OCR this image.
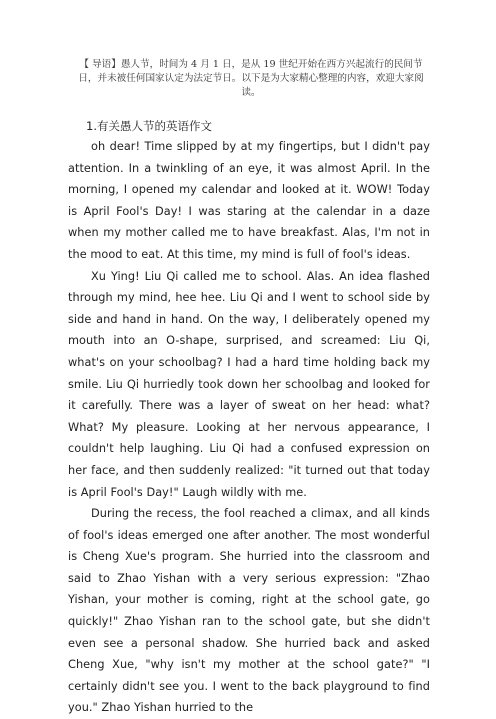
【 导语】愚人节，时间为 4 月 1 日，是从 19 世纪开始在西方兴起流行的民间节日，并未被任何国家认定为法定节日。以下是为大家精心整理的内容，欢迎大家阅读。
1.有关愚人节的英语作文

oh dear! Time slipped by at my fingertips, but I didn't pay attention. In a twinkling of an eye, it was almost April. In the morning, I opened my calendar and looked at it. WOW! Today is April Fool's Day! I was staring at the calendar in a daze when my mother called me to have breakfast. Alas, I'm not in the mood to eat. At this time, my mind is full of fool's ideas.

Xu Ying! Liu Qi called me to school. Alas. An idea flashed through my mind, hee hee. Liu Qi and I went to school side by side and hand in hand. On the way, I deliberately opened my mouth into an O-shape, surprised, and screamed: Liu Qi, what's on your schoolbag? I had a hard time holding back my smile. Liu Qi hurriedly took down her schoolbag and looked for it carefully. There was a layer of sweat on her head: what? What? My pleasure. Looking at her nervous appearance, I couldn't help laughing. Liu Qi had a confused expression on her face, and then suddenly realized: "it turned out that today is April Fool's Day!" Laugh wildly with me.

During the recess, the fool reached a climax, and all kinds of fool's ideas emerged one after another. The most wonderful is Cheng Xue's program. She hurried into the classroom and said to Zhao Yishan with a very serious expression: "Zhao Yishan, your mother is coming, right at the school gate, go quickly!" Zhao Yishan ran to the school gate, but she didn't even see a personal shadow. She hurried back and asked Cheng Xue, "why isn't my mother at the school gate?" "I certainly didn't see you. I went to the back playground to find you." Zhao Yishan hurried to the
